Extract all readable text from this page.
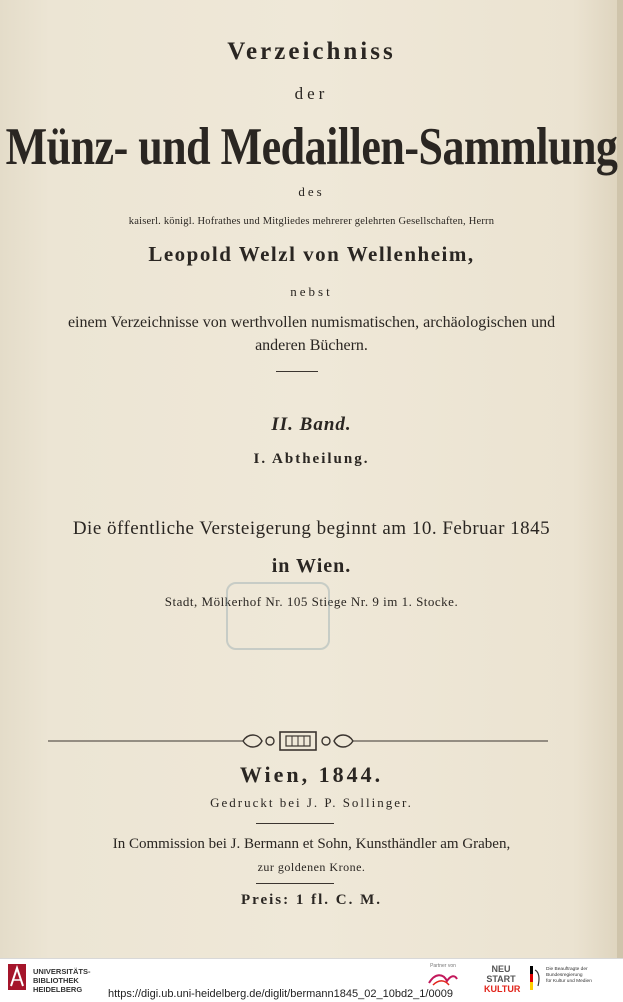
Verzeichniss
der
Münz- und Medaillen-Sammlung
des
kaiserl. königl. Hofrathes und Mitgliedes mehrerer gelehrten Gesellschaften, Herrn
Leopold Welzl von Wellenheim,
nebst
einem Verzeichnisse von werthvollen numismatischen, archäologischen und
anderen Büchern.
II. Band.
I. Abtheilung.
Die öffentliche Versteigerung beginnt am 10. Februar 1845
in Wien.
Stadt, Mölkerhof Nr. 105 Stiege Nr. 9 im 1. Stocke.
Wien, 1844.
Gedruckt bei J. P. Sollinger.
In Commission bei J. Bermann et Sohn, Kunsthändler am Graben,
zur goldenen Krone.
Preis: 1 fl. C. M.
UNIVERSITÄTS-
BIBLIOTHEK
HEIDELBERG
Partner von	NEU
START
KULTUR
Die Beauftragte der Bundesregierung
für Kultur und Medien
https://digi.ub.uni-heidelberg.de/diglit/bermann1845_02_10bd2_1/0009
